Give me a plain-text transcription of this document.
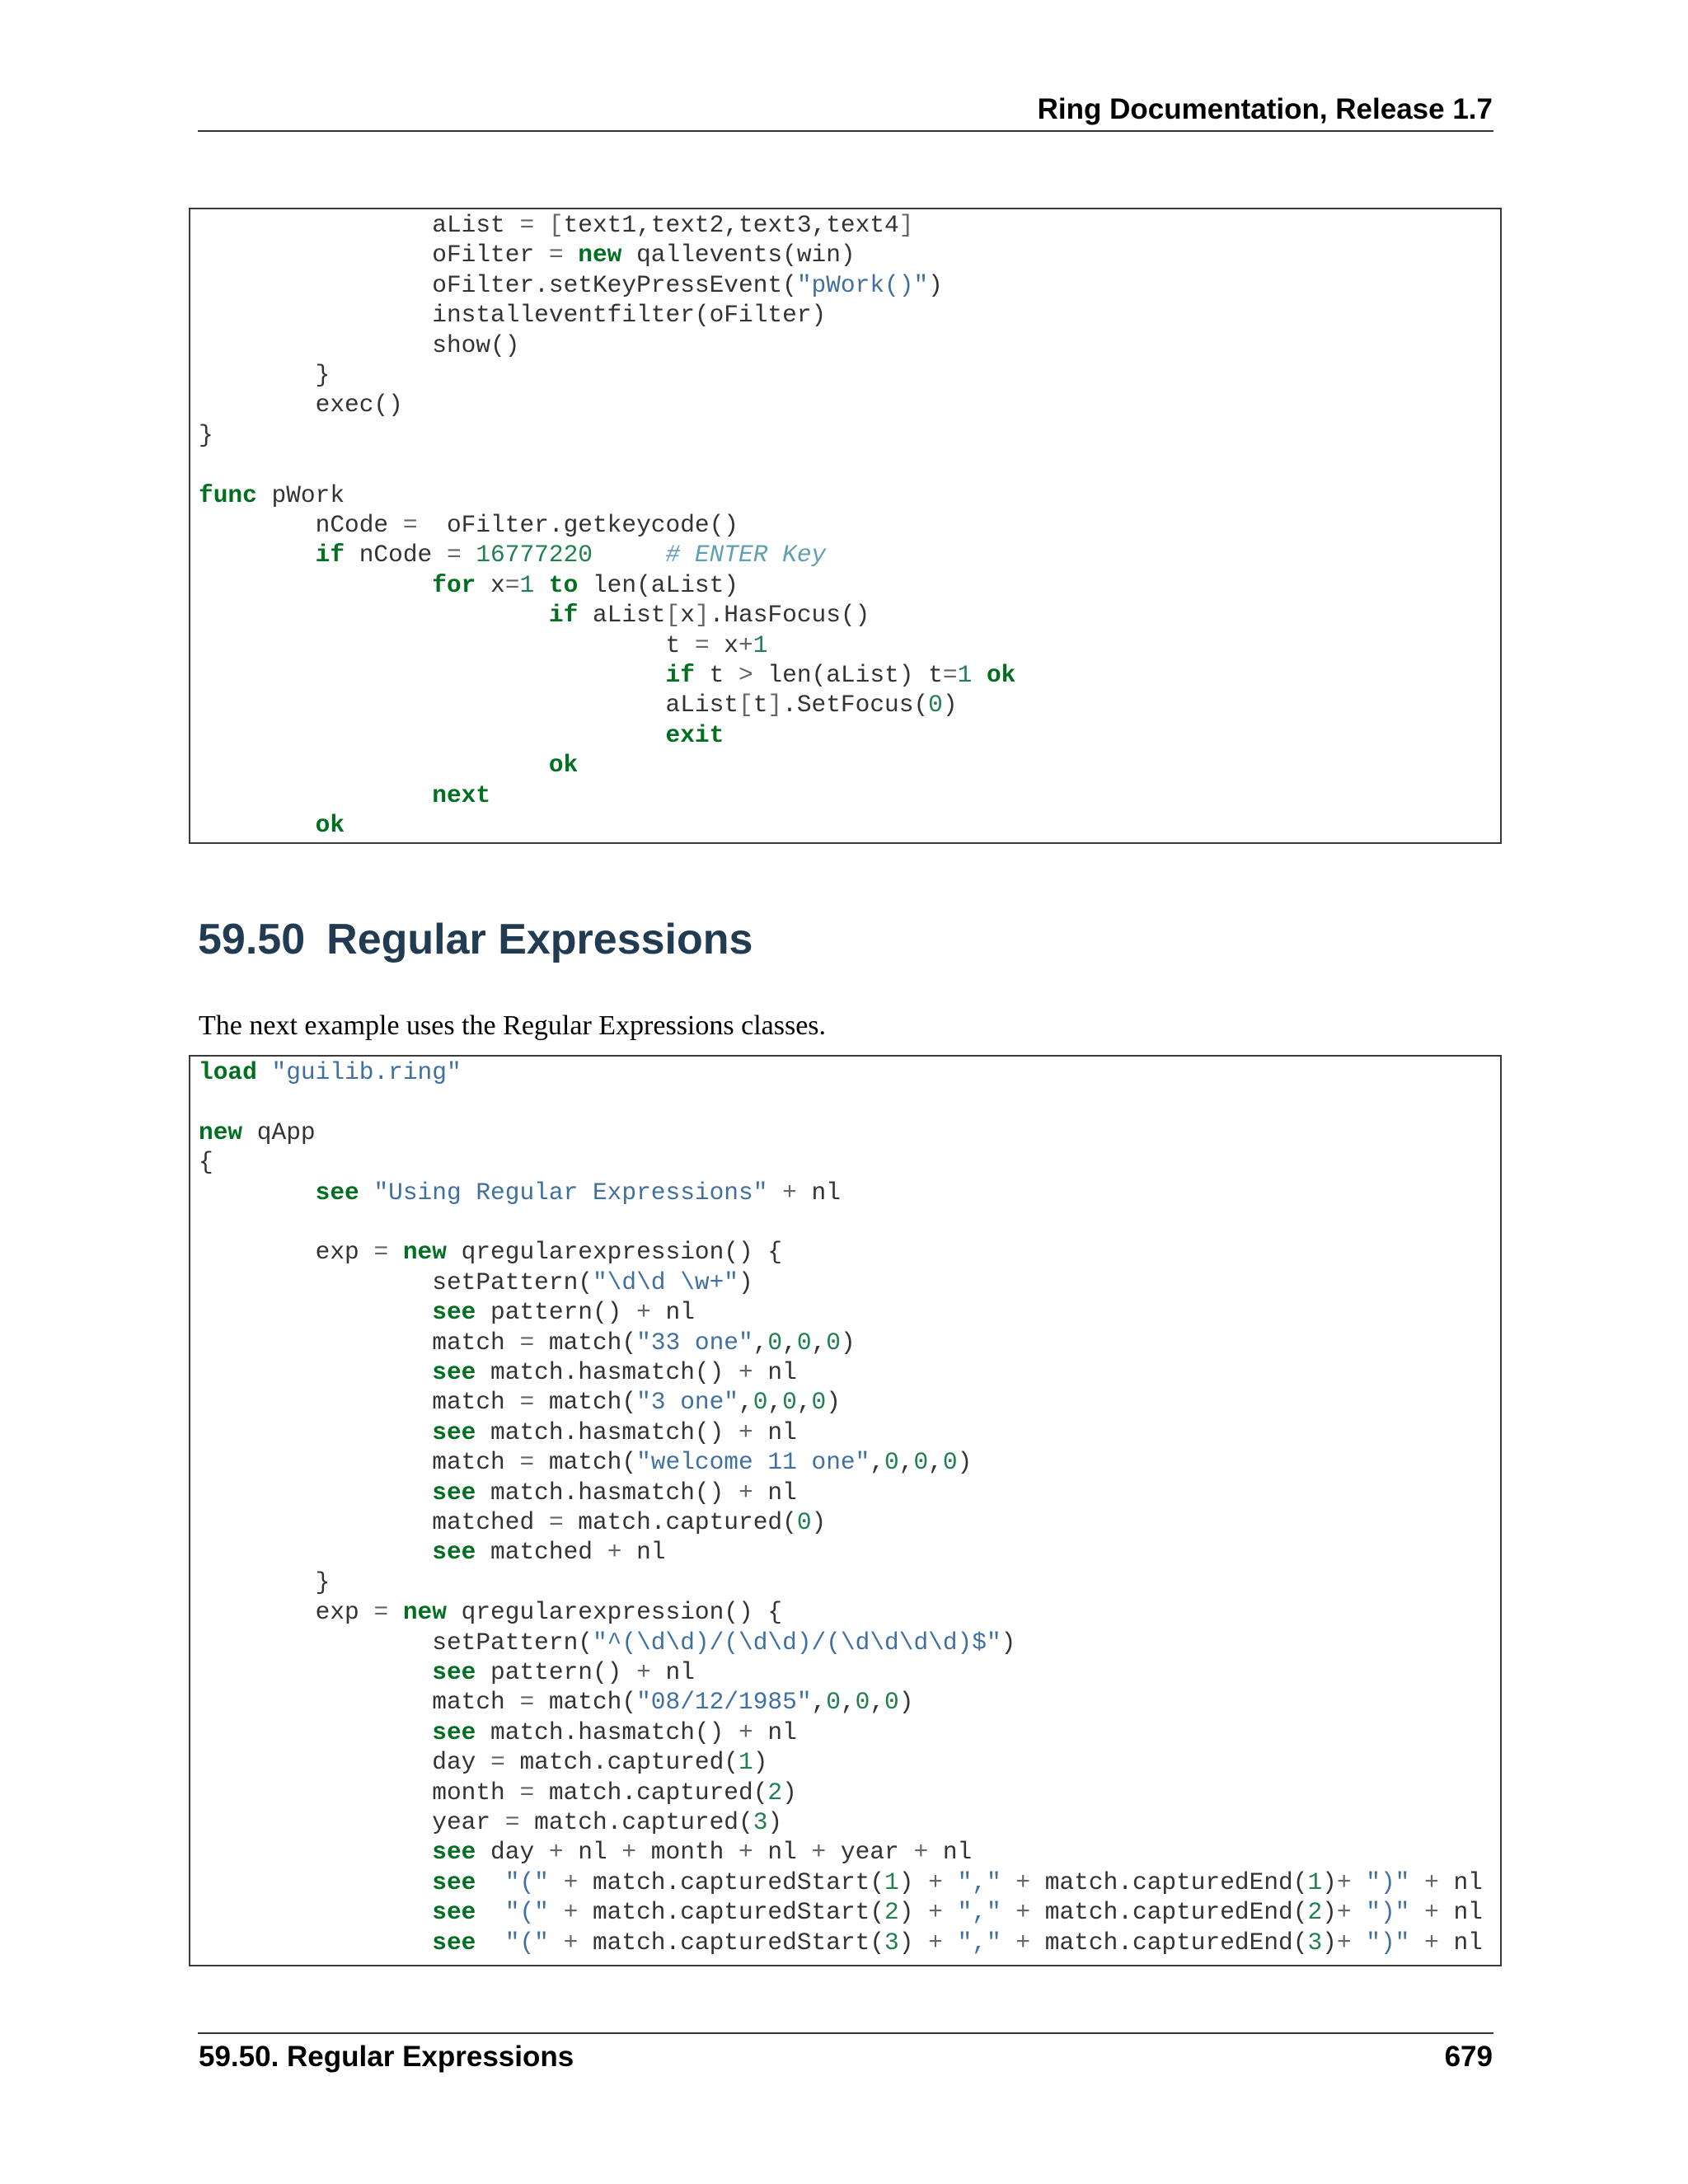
Ring Documentation, Release 1.7
aList = [text1,text2,text3,text4]
oFilter = new qallevents(win)
oFilter.setKeyPressEvent("pWork()")
installeventfilter(oFilter)
show()
}
exec()
}
func pWork
nCode =  oFilter.getkeycode()
if nCode = 16777220	# ENTER Key
for x=1 to len(aList)
if aList[x].HasFocus()
t = x+1
if t > len(aList) t=1 ok
aList[t].SetFocus(0)
exit
ok
next
ok
59.50 Regular Expressions
The next example uses the Regular Expressions classes.
load "guilib.ring"
new qApp
{
see "Using Regular Expressions" + nl
exp = new qregularexpression() {
setPattern("\d\d \w+")
see pattern() + nl
match = match("33 one",0,0,0)
see match.hasmatch() + nl
match = match("3 one",0,0,0)
see match.hasmatch() + nl
match = match("welcome 11 one",0,0,0)
see match.hasmatch() + nl
matched = match.captured(0)
see matched + nl
}
exp = new qregularexpression() {
setPattern("^(\d\d)/(\d\d)/(\d\d\d\d)$")
see pattern() + nl
match = match("08/12/1985",0,0,0)
see match.hasmatch() + nl
day = match.captured(1)
month = match.captured(2)
year = match.captured(3)
see day + nl + month + nl + year + nl
see "(" + match.capturedStart(1) + "," + match.capturedEnd(1)+ ")" + nl
see "(" + match.capturedStart(2) + "," + match.capturedEnd(2)+ ")" + nl
see "(" + match.capturedStart(3) + "," + match.capturedEnd(3)+ ")" + nl
59.50. Regular Expressions	679
